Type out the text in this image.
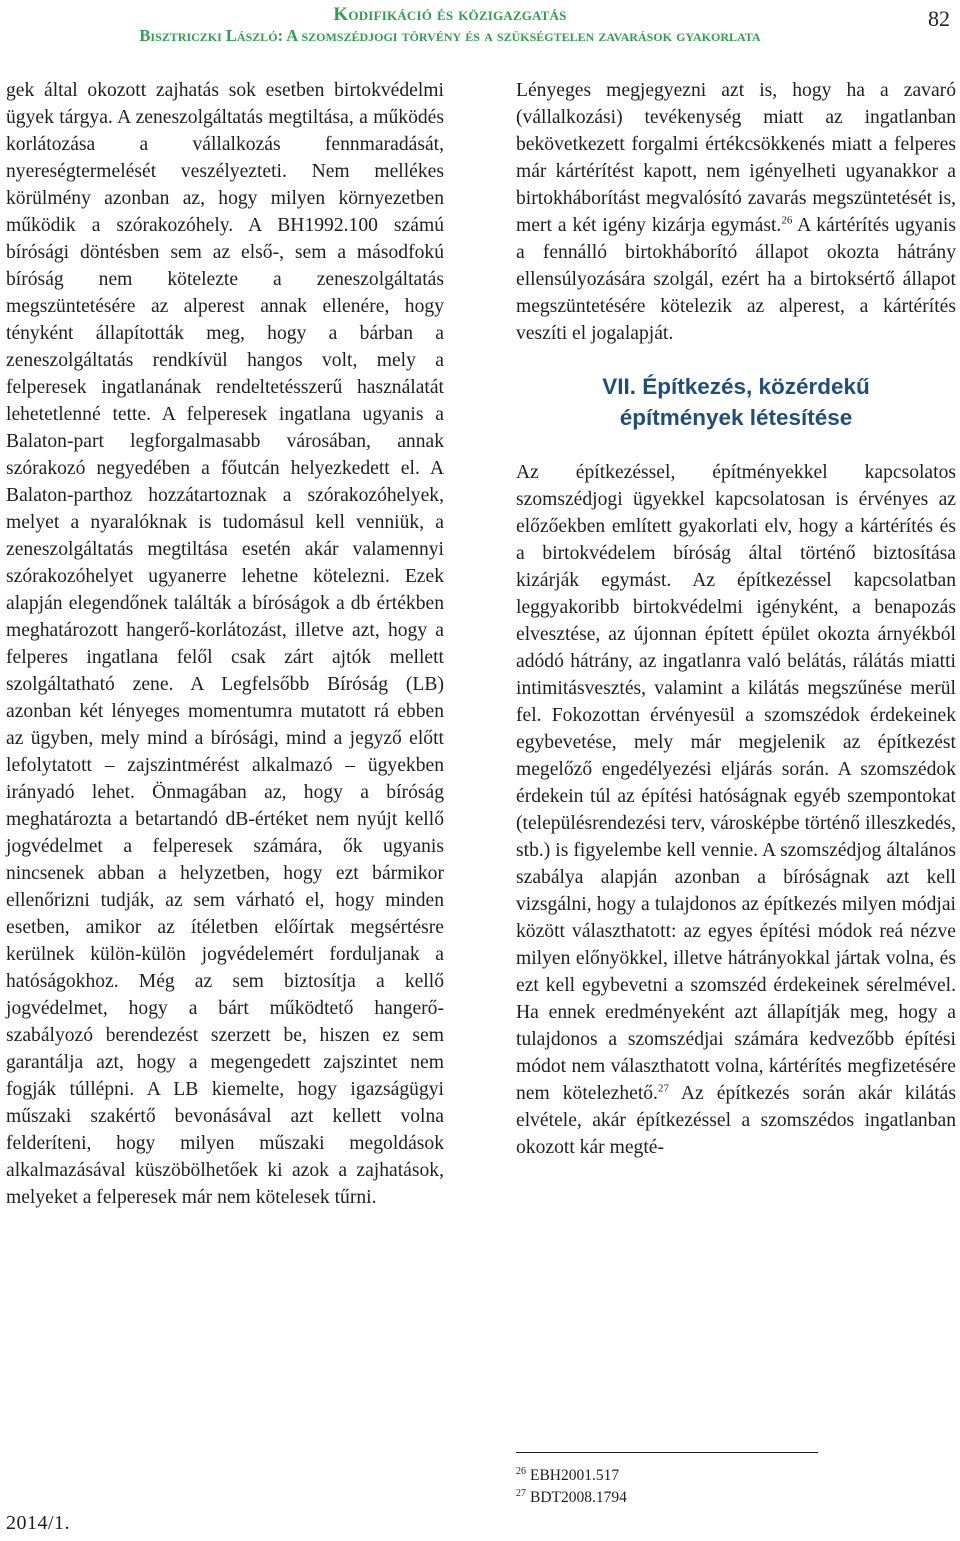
Kodifikáció és közigazgatás
Bisztriczki László: A szomszédjogi törvény és a szükségtelen zavarások gyakorlata
82

gek által okozott zajhatás sok esetben birtokvédelmi ügyek tárgya. A zeneszolgáltatás megtiltása, a működés korlátozása a vállalkozás fennmaradását, nyereségtermelését veszélyezteti. Nem mellékes körülmény azonban az, hogy milyen környezetben működik a szórakozóhely. A BH1992.100 számú bírósági döntésben sem az első-, sem a másodfokú bíróság nem kötelezte a zeneszolgáltatás megszüntetésére az alperest annak ellenére, hogy tényként állapították meg, hogy a bárban a zeneszolgáltatás rendkívül hangos volt, mely a felperesek ingatlanának rendeltetésszerű használatát lehetetlenné tette. A felperesek ingatlana ugyanis a Balaton-part legforgalmasabb városában, annak szórakozó negyedében a főutcán helyezkedett el. A Balaton-parthoz hozzátartoznak a szórakozóhelyek, melyet a nyaralóknak is tudomásul kell venniük, a zeneszolgáltatás megtiltása esetén akár valamennyi szórakozóhelyet ugyanerre lehetne kötelezni. Ezek alapján elegendőnek találták a bíróságok a db értékben meghatározott hangerő-korlátozást, illetve azt, hogy a felperes ingatlana felől csak zárt ajtók mellett szolgáltatható zene. A Legfelsőbb Bíróság (LB) azonban két lényeges momentumra mutatott rá ebben az ügyben, mely mind a bírósági, mind a jegyző előtt lefolytatott – zajszintmérést alkalmazó – ügyekben irányadó lehet. Önmagában az, hogy a bíróság meghatározta a betartandó dB-értéket nem nyújt kellő jogvédelmet a felperesek számára, ők ugyanis nincsenek abban a helyzetben, hogy ezt bármikor ellenőrizni tudják, az sem várható el, hogy minden esetben, amikor az ítéletben előírtak megsértésre kerülnek külön-külön jogvédelemért forduljanak a hatóságokhoz. Még az sem biztosítja a kellő jogvédelmet, hogy a bárt működtető hangerő-szabályozó berendezést szerzett be, hiszen ez sem garantálja azt, hogy a megengedett zajszintet nem fogják túllépni. A LB kiemelte, hogy igazságügyi műszaki szakértő bevonásával azt kellett volna felderíteni, hogy milyen műszaki megoldások alkalmazásával küszöbölhetőek ki azok a zajhatások, melyeket a felperesek már nem kötelesek tűrni.

Lényeges megjegyezni azt is, hogy ha a zavaró (vállalkozási) tevékenység miatt az ingatlanban bekövetkezett forgalmi értékcsökkenés miatt a felperes már kártérítést kapott, nem igényelheti ugyanakkor a birtokháborítást megvalósító zavarás megszüntetését is, mert a két igény kizárja egymást.$^{26}$ A kártérítés ugyanis a fennálló birtokháborító állapot okozta hátrány ellensúlyozására szolgál, ezért ha a birtoksértő állapot megszüntetésére kötelezik az alperest, a kártérítés veszíti el jogalapját.

VII. Építkezés, közérdekű
építmények létesítése

Az építkezéssel, építményekkel kapcsolatos szomszédjogi ügyekkel kapcsolatosan is érvényes az előzőekben említett gyakorlati elv, hogy a kártérítés és a birtokvédelem bíróság által történő biztosítása kizárják egymást. Az építkezéssel kapcsolatban leggyakoribb birtokvédelmi igényként, a benapozás elvesztése, az újonnan épített épület okozta árnyékból adódó hátrány, az ingatlanra való belátás, rálátás miatti intimitásvesztés, valamint a kilátás megszűnése merül fel. Fokozottan érvényesül a szomszédok érdekeinek egybevetése, mely már megjelenik az építkezést megelőző engedélyezési eljárás során. A szomszédok érdekein túl az építési hatóságnak egyéb szempontokat (településrendezési terv, városképbe történő illeszkedés, stb.) is figyelembe kell vennie. A szomszédjog általános szabálya alapján azonban a bíróságnak azt kell vizsgálni, hogy a tulajdonos az építkezés milyen módjai között választhatott: az egyes építési módok reá nézve milyen előnyökkel, illetve hátrányokkal jártak volna, és ezt kell egybevetni a szomszéd érdekeinek sérelmével. Ha ennek eredményeként azt állapítják meg, hogy a tulajdonos a szomszédjai számára kedvezőbb építési módot nem választhatott volna, kártérítés megfizetésére nem kötelezhető.$^{27}$ Az építkezés során akár kilátás elvétele, akár építkezéssel a szomszédos ingatlanban okozott kár megté-

$^{26}$ EBH2001.517
$^{27}$ BDT2008.1794
2014/1.
